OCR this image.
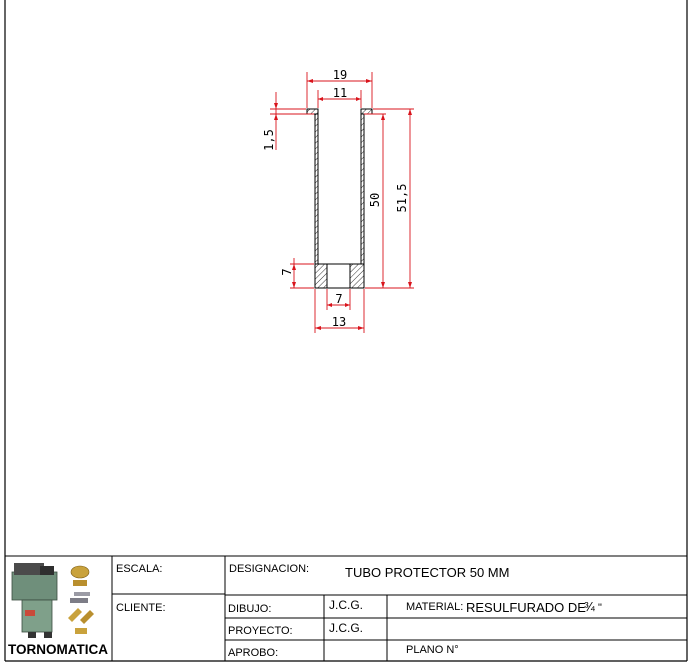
19
11
1,5
50 51,5
7
7
13
TORNOMATICA
ESCALA:
CLIENTE:
DESIGNACION:	TUBO PROTECTOR 50 MM
DIBUJO:	J.C.G.
PROYECTO:	J.C.G.
APROBO:
MATERIAL: RESULFURADO DE
¾ "
PLANO N°
